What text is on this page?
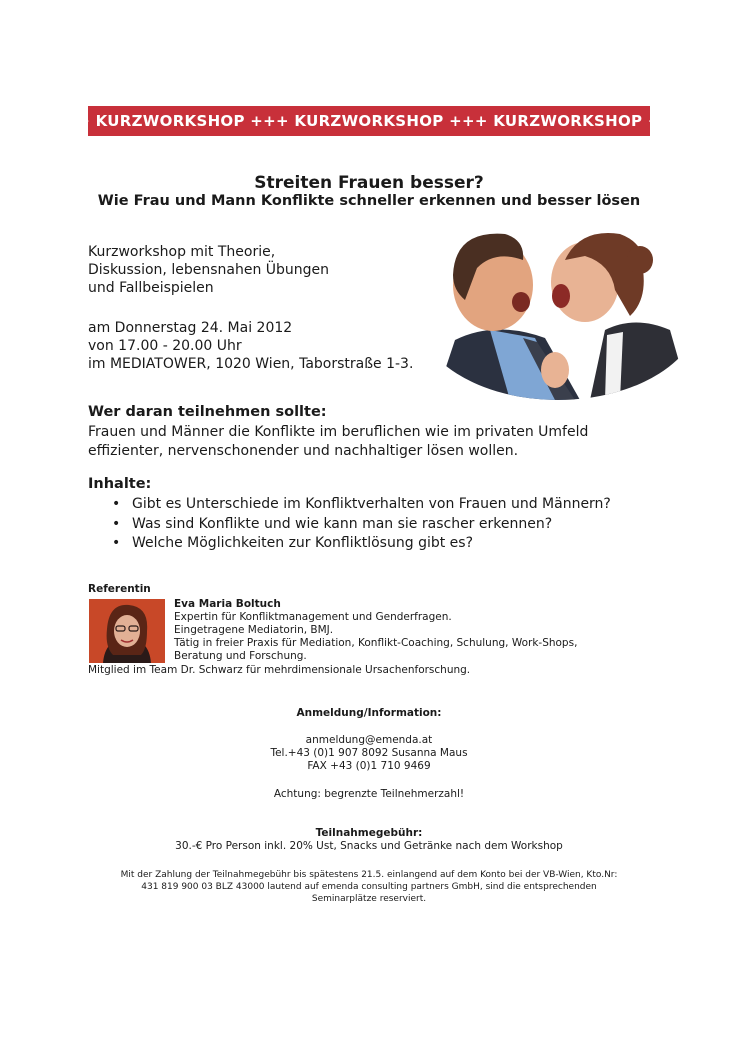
++ KURZWORKSHOP +++ KURZWORKSHOP +++ KURZWORKSHOP ++
Streiten Frauen besser?
Wie Frau und Mann Konflikte schneller erkennen und besser lösen
Kurzworkshop mit Theorie,
Diskussion, lebensnahen Übungen
und Fallbeispielen
am Donnerstag 24. Mai 2012
von 17.00 - 20.00 Uhr
im MEDIATOWER, 1020 Wien, Taborstraße 1-3.
Wer daran teilnehmen sollte:
Frauen und Männer die Konflikte im beruflichen wie im privaten Umfeld
effizienter, nervenschonender und nachhaltiger lösen wollen.
Inhalte:
• Gibt es Unterschiede im Konfliktverhalten von Frauen und Männern?
• Was sind Konflikte und wie kann man sie rascher erkennen?
• Welche Möglichkeiten zur Konfliktlösung gibt es?
Referentin
Eva Maria Boltuch
Expertin für Konfliktmanagement und Genderfragen.
Eingetragene Mediatorin, BMJ.
Tätig in freier Praxis für Mediation, Konflikt-Coaching, Schulung, Work-Shops,
Beratung und Forschung.
Mitglied im Team Dr. Schwarz für mehrdimensionale Ursachenforschung.
Anmeldung/Information:
anmeldung@emenda.at
Tel.+43 (0)1 907 8092 Susanna Maus
FAX +43 (0)1 710 9469
Achtung: begrenzte Teilnehmerzahl!
Teilnahmegebühr:
30.-€ Pro Person inkl. 20% Ust, Snacks und Getränke nach dem Workshop
Mit der Zahlung der Teilnahmegebühr bis spätestens 21.5. einlangend auf dem Konto bei der VB-Wien, Kto.Nr:
431 819 900 03 BLZ 43000 lautend auf emenda consulting partners GmbH, sind die entsprechenden
Seminarplätze reserviert.
